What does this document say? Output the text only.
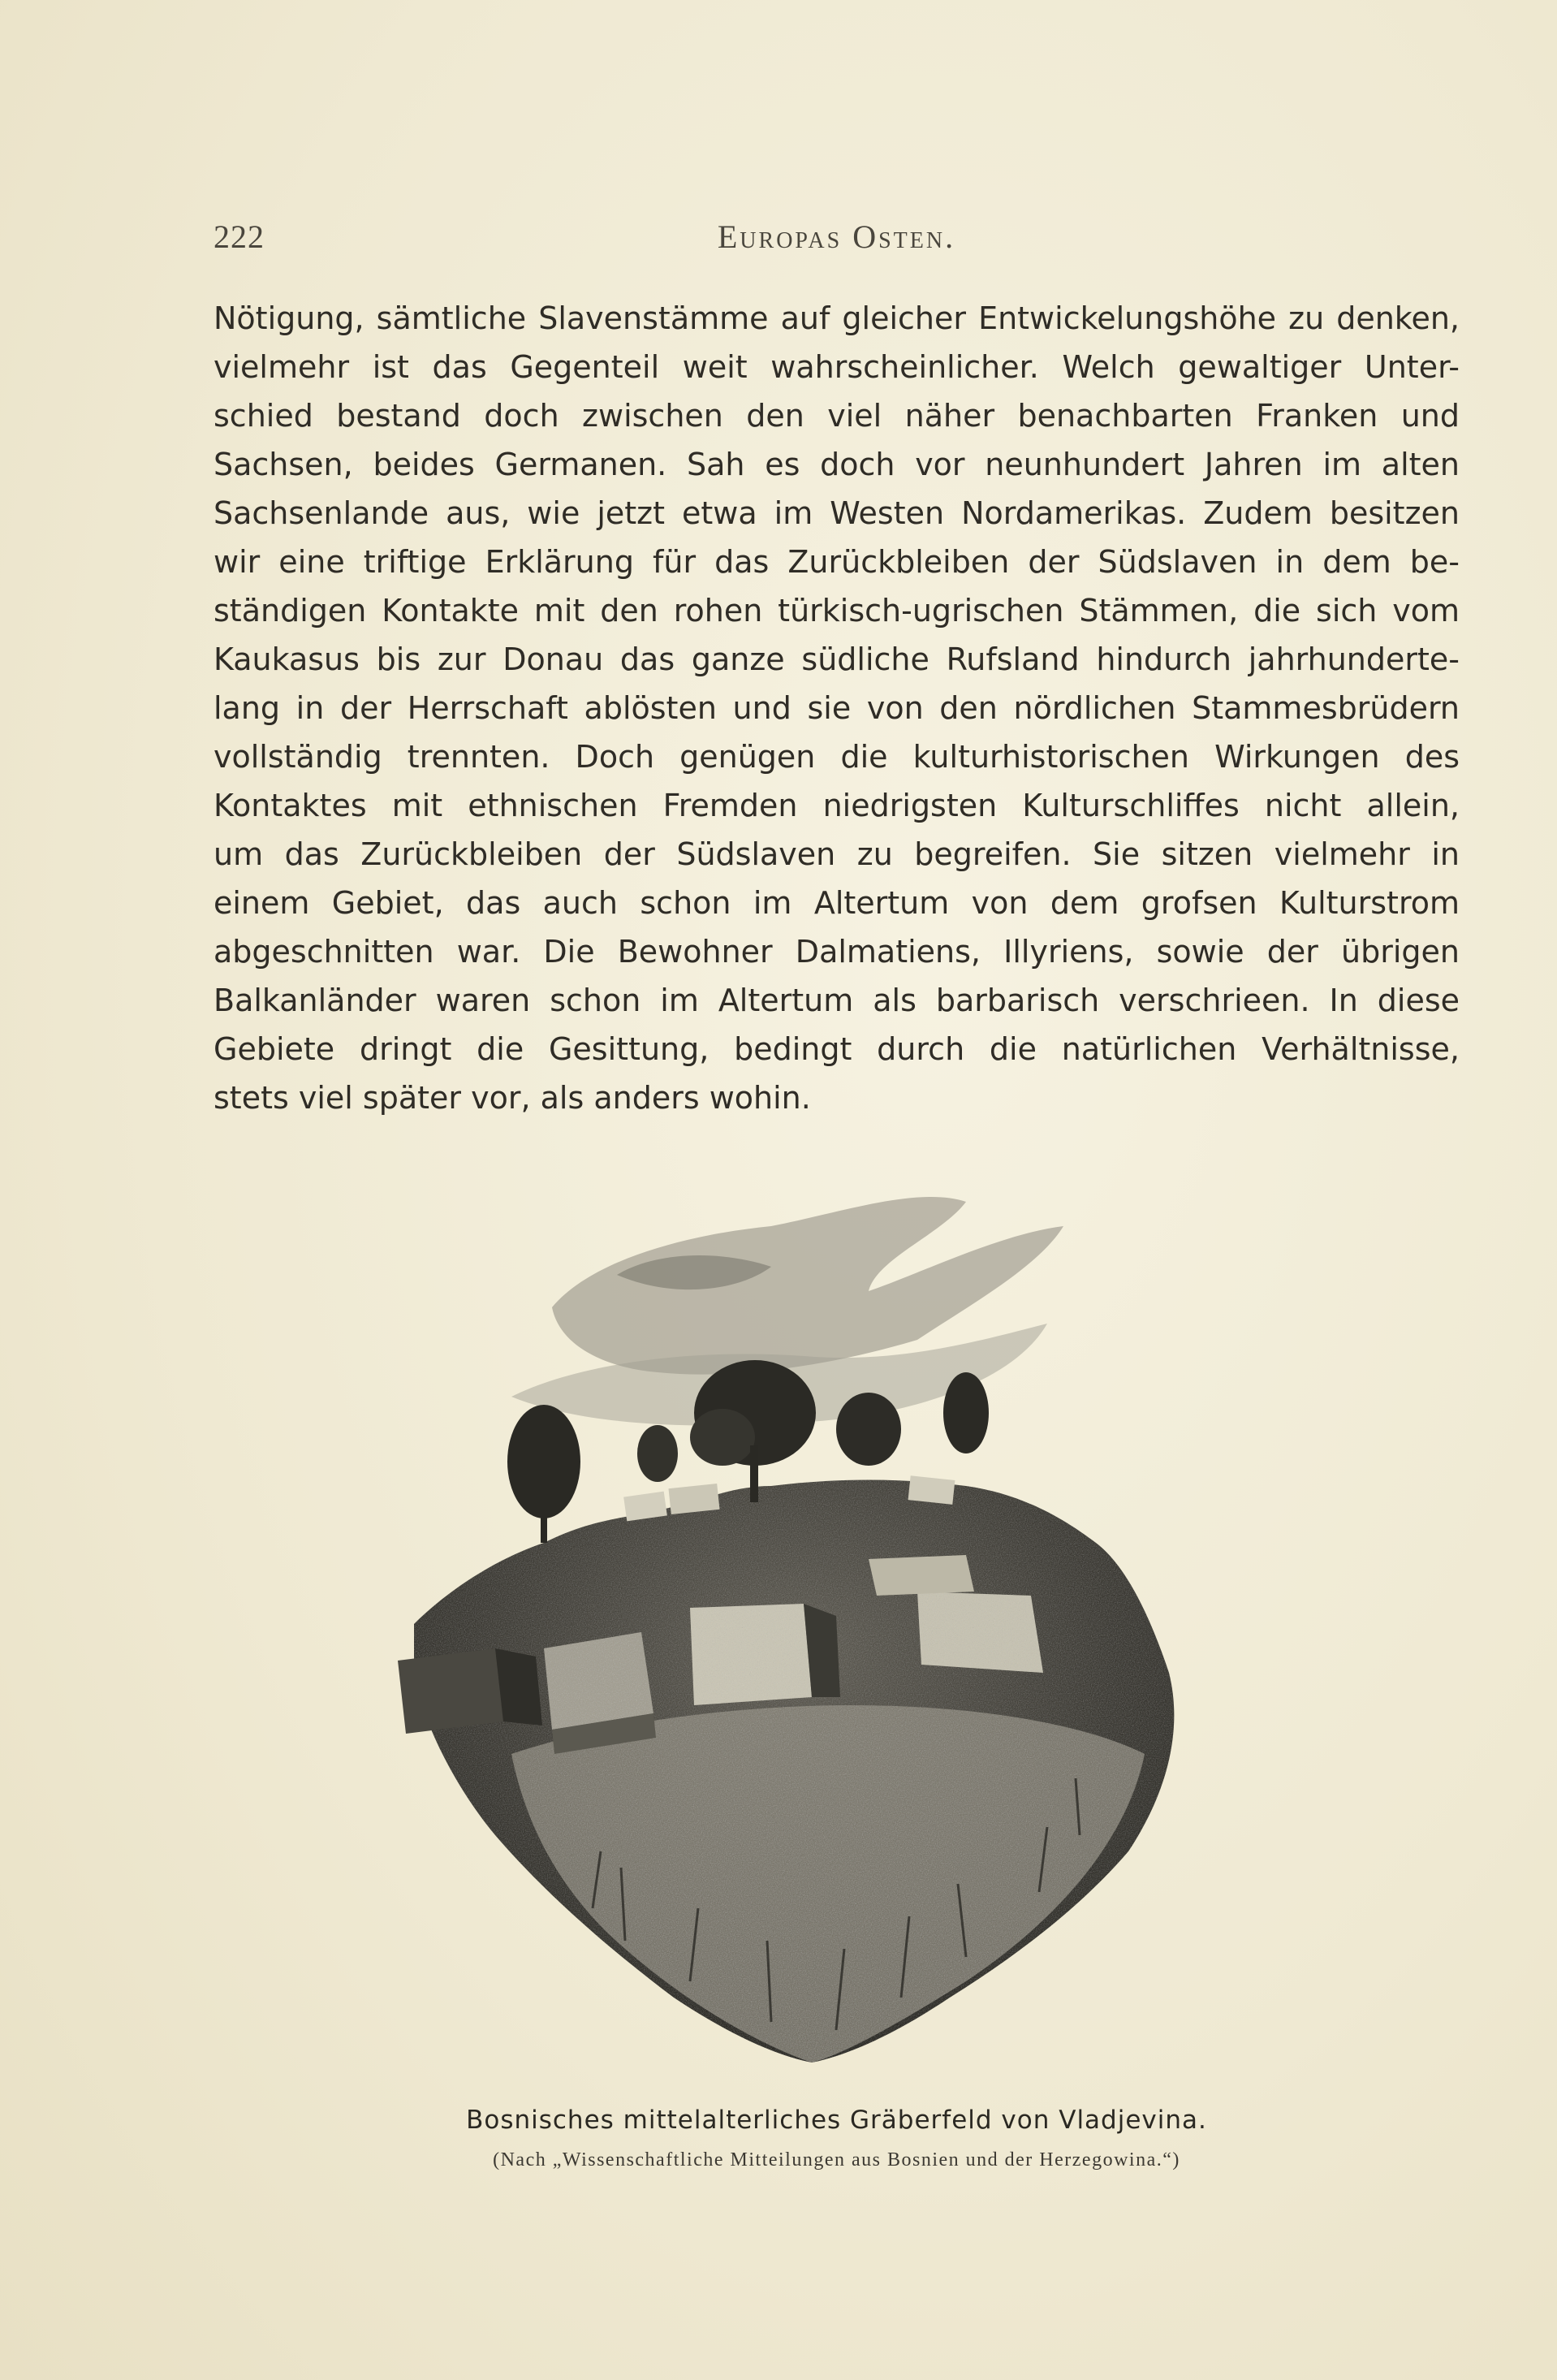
222	Europas Osten.
Nötigung, sämtliche Slavenstämme auf gleicher Entwickelungshöhe zu denken,
vielmehr ist das Gegenteil weit wahrscheinlicher. Welch gewaltiger Unter-
schied bestand doch zwischen den viel näher benachbarten Franken und
Sachsen, beides Germanen. Sah es doch vor neunhundert Jahren im alten
Sachsenlande aus, wie jetzt etwa im Westen Nordamerikas. Zudem besitzen
wir eine triftige Erklärung für das Zurückbleiben der Südslaven in dem be-
ständigen Kontakte mit den rohen türkisch-ugrischen Stämmen, die sich vom
Kaukasus bis zur Donau das ganze südliche Rufsland hindurch jahrhunderte-
lang in der Herrschaft ablösten und sie von den nördlichen Stammesbrüdern
vollständig trennten. Doch genügen die kulturhistorischen Wirkungen des
Kontaktes mit ethnischen Fremden niedrigsten Kulturschliffes nicht allein,
um das Zurückbleiben der Südslaven zu begreifen. Sie sitzen vielmehr in
einem Gebiet, das auch schon im Altertum von dem grofsen Kulturstrom
abgeschnitten war. Die Bewohner Dalmatiens, Illyriens, sowie der übrigen
Balkanländer waren schon im Altertum als barbarisch verschrieen. In diese
Gebiete dringt die Gesittung, bedingt durch die natürlichen Verhältnisse,
stets viel später vor, als anders wohin.
Bosnisches mittelalterliches Gräberfeld von Vladjevina.
(Nach „Wissenschaftliche Mitteilungen aus Bosnien und der Herzegowina.“)
